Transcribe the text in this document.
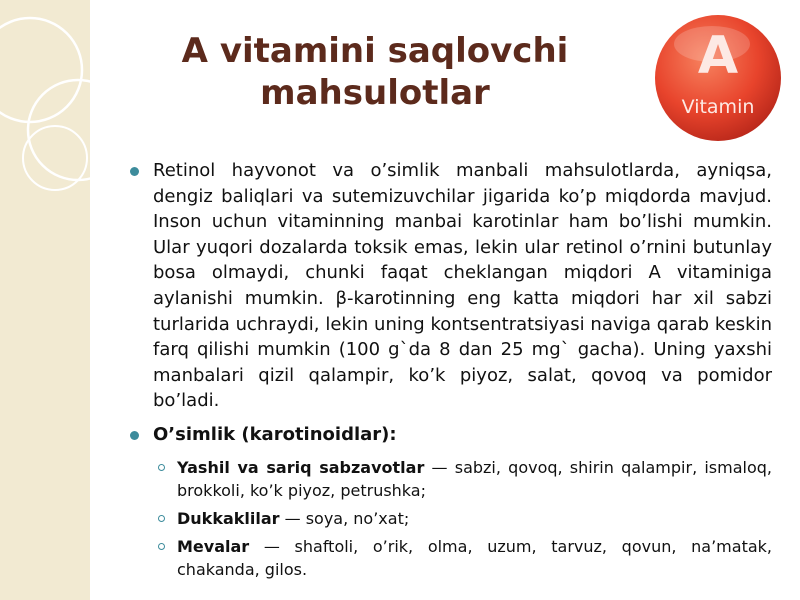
A vitamini saqlovchi mahsulotlar
A
Vitamin
Retinol hayvonot va o’simlik manbali mahsulotlarda, ayniqsa, dengiz baliqlari va sutemizuvchilar jigarida ko’p miqdorda mavjud. Inson uchun vitaminning manbai karotinlar ham bo’lishi mumkin. Ular yuqori dozalarda toksik emas, lekin ular retinol o’rnini butunlay bosa olmaydi, chunki faqat cheklangan miqdori A vitaminiga aylanishi mumkin. β-karotinning eng katta miqdori har xil sabzi turlarida uchraydi, lekin uning kontsentratsiyasi naviga qarab keskin farq qilishi mumkin (100 g`da 8 dan 25 mg` gacha). Uning yaxshi manbalari qizil qalampir, ko’k piyoz, salat, qovoq va pomidor bo’ladi.
O’simlik (karotinoidlar):
Yashil va sariq sabzavotlar — sabzi, qovoq, shirin qalampir, ismaloq, brokkoli, ko’k piyoz, petrushka;
Dukkaklilar — soya, no’xat;
Mevalar — shaftoli, o’rik, olma, uzum, tarvuz, qovun, na’matak, chakanda, gilos.
